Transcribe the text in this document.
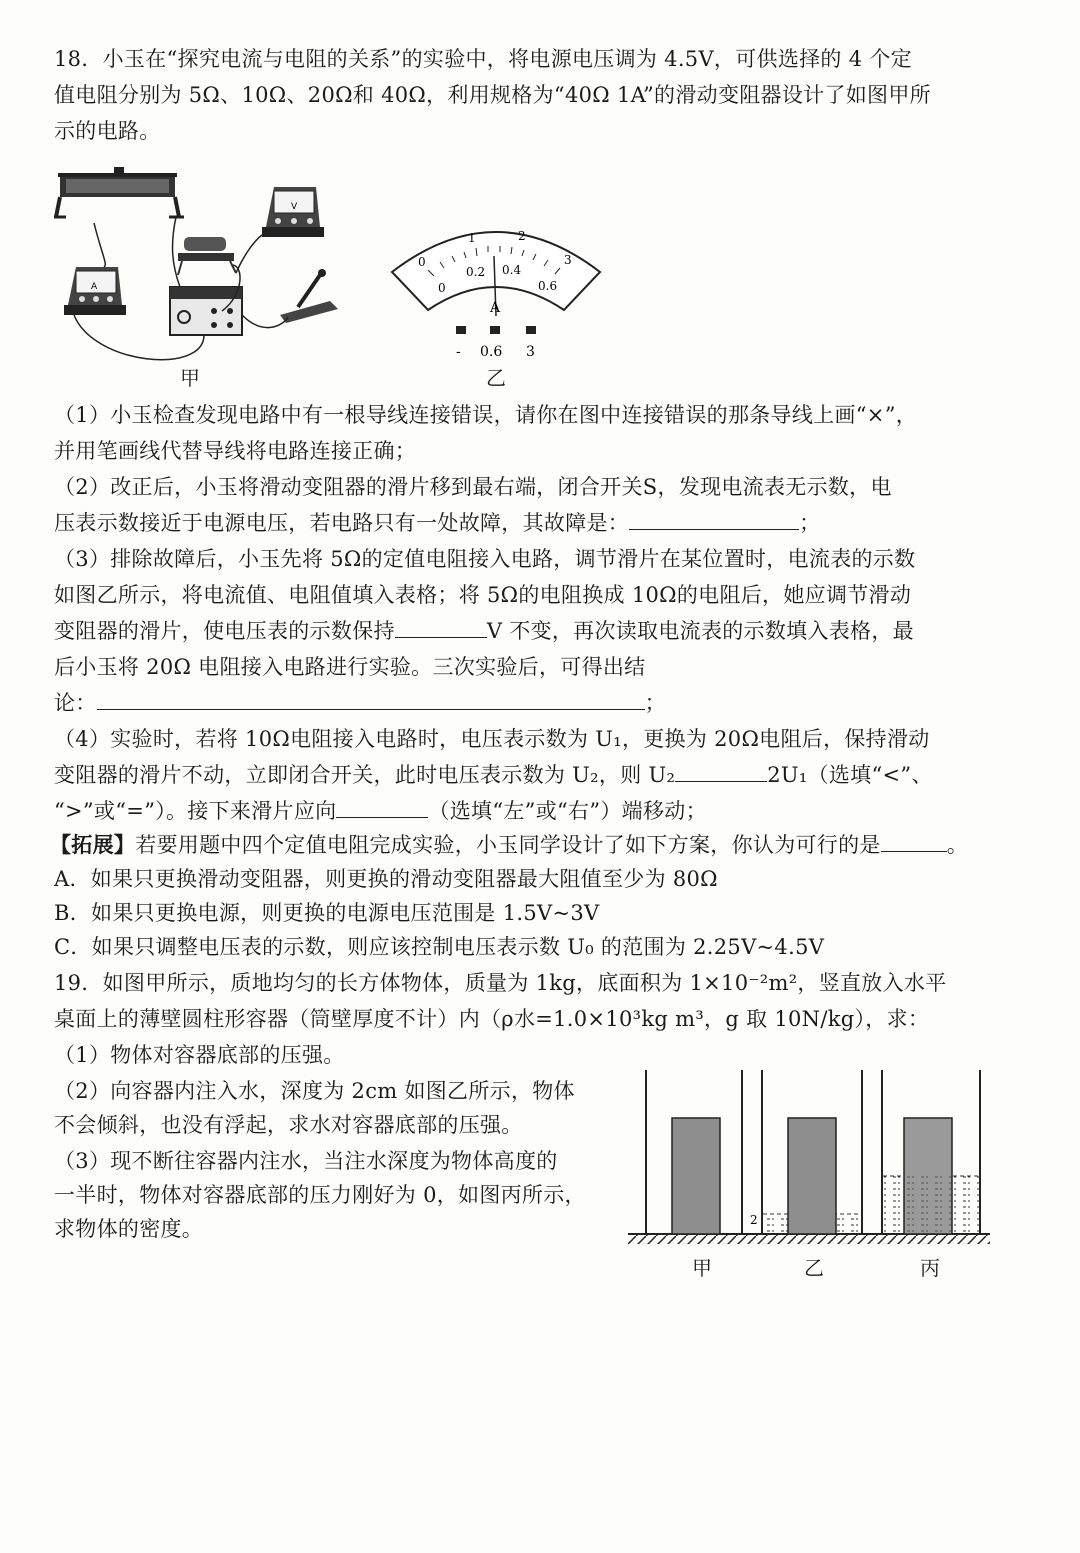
18．小玉在“探究电流与电阻的关系”的实验中，将电源电压调为 4.5V，可供选择的 4 个定
值电阻分别为 5Ω、10Ω、20Ω和 40Ω，利用规格为“40Ω 1A”的滑动变阻器设计了如图甲所
示的电路。
V
A
甲
0
1	2
3
0
0.2 0.4
0.6
A
- 0.6 3
乙
（1）小玉检查发现电路中有一根导线连接错误，请你在图中连接错误的那条导线上画“×”，
并用笔画线代替导线将电路连接正确；
（2）改正后，小玉将滑动变阻器的滑片移到最右端，闭合开关S，发现电流表无示数，电
压表示数接近于电源电压，若电路只有一处故障，其故障是：	；
（3）排除故障后，小玉先将 5Ω的定值电阻接入电路，调节滑片在某位置时，电流表的示数
如图乙所示，将电流值、电阻值填入表格；将 5Ω的电阻换成 10Ω的电阻后，她应调节滑动
变阻器的滑片，使电压表的示数保持	V 不变，再次读取电流表的示数填入表格，最
后小玉将 20Ω 电阻接入电路进行实验。三次实验后，可得出结
论：	；
（4）实验时，若将 10Ω电阻接入电路时，电压表示数为 U₁，更换为 20Ω电阻后，保持滑动
变阻器的滑片不动，立即闭合开关，此时电压表示数为 U₂，则 U₂	2U₁（选填“<”、
“>”或“=”）。接下来滑片应向	（选填“左”或“右”）端移动；
【拓展】若要用题中四个定值电阻完成实验，小玉同学设计了如下方案，你认为可行的是	。
A．如果只更换滑动变阻器，则更换的滑动变阻器最大阻值至少为 80Ω
B．如果只更换电源，则更换的电源电压范围是 1.5V~3V
C．如果只调整电压表的示数，则应该控制电压表示数 U₀ 的范围为 2.25V~4.5V
19．如图甲所示，质地均匀的长方体物体，质量为 1kg，底面积为 1×10⁻²m²，竖直放入水平
桌面上的薄壁圆柱形容器（筒壁厚度不计）内（ρ水=1.0×10³kg m³，g 取 10N/kg），求：
（1）物体对容器底部的压强。
（2）向容器内注入水，深度为 2cm 如图乙所示，物体
不会倾斜，也没有浮起，求水对容器底部的压强。
（3）现不断往容器内注水，当注水深度为物体高度的
一半时，物体对容器底部的压力刚好为 0，如图丙所示，
求物体的密度。	2
甲	乙	丙
